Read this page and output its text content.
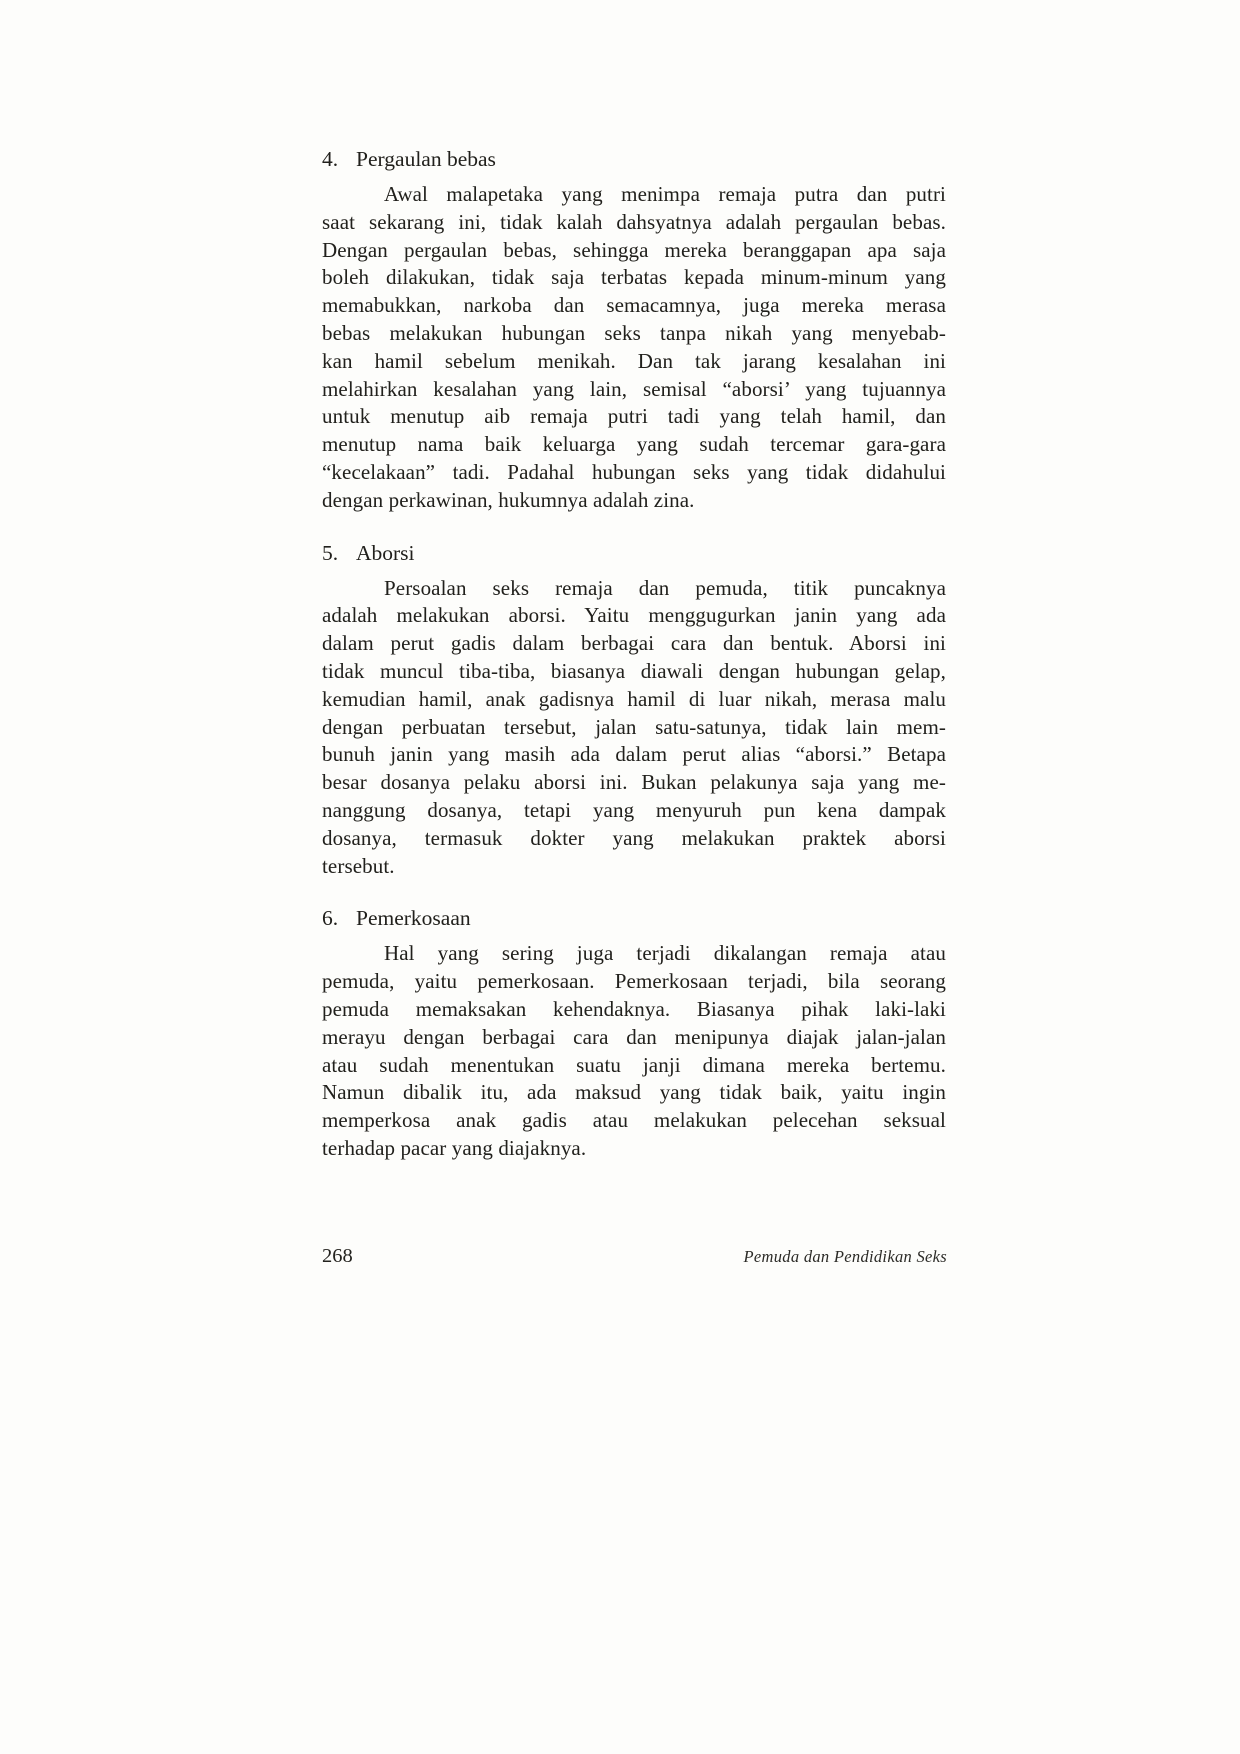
4. Pergaulan bebas
Awal malapetaka yang menimpa remaja putra dan putri
saat sekarang ini, tidak kalah dahsyatnya adalah pergaulan bebas.
Dengan pergaulan bebas, sehingga mereka beranggapan apa saja
boleh dilakukan, tidak saja terbatas kepada minum-minum yang
memabukkan, narkoba dan semacamnya, juga mereka merasa
bebas melakukan hubungan seks tanpa nikah yang menyebab-
kan hamil sebelum menikah. Dan tak jarang kesalahan ini
melahirkan kesalahan yang lain, semisal “aborsi’ yang tujuannya
untuk menutup aib remaja putri tadi yang telah hamil, dan
menutup nama baik keluarga yang sudah tercemar gara-gara
“kecelakaan” tadi. Padahal hubungan seks yang tidak didahului
dengan perkawinan, hukumnya adalah zina.
5. Aborsi
Persoalan seks remaja dan pemuda, titik puncaknya
adalah melakukan aborsi. Yaitu menggugurkan janin yang ada
dalam perut gadis dalam berbagai cara dan bentuk. Aborsi ini
tidak muncul tiba-tiba, biasanya diawali dengan hubungan gelap,
kemudian hamil, anak gadisnya hamil di luar nikah, merasa malu
dengan perbuatan tersebut, jalan satu-satunya, tidak lain mem-
bunuh janin yang masih ada dalam perut alias “aborsi.” Betapa
besar dosanya pelaku aborsi ini. Bukan pelakunya saja yang me-
nanggung dosanya, tetapi yang menyuruh pun kena dampak
dosanya, termasuk dokter yang melakukan praktek aborsi
tersebut.
6. Pemerkosaan
Hal yang sering juga terjadi dikalangan remaja atau
pemuda, yaitu pemerkosaan. Pemerkosaan terjadi, bila seorang
pemuda memaksakan kehendaknya. Biasanya pihak laki-laki
merayu dengan berbagai cara dan menipunya diajak jalan-jalan
atau sudah menentukan suatu janji dimana mereka bertemu.
Namun dibalik itu, ada maksud yang tidak baik, yaitu ingin
memperkosa anak gadis atau melakukan pelecehan seksual
terhadap pacar yang diajaknya.
268	Pemuda dan Pendidikan Seks
